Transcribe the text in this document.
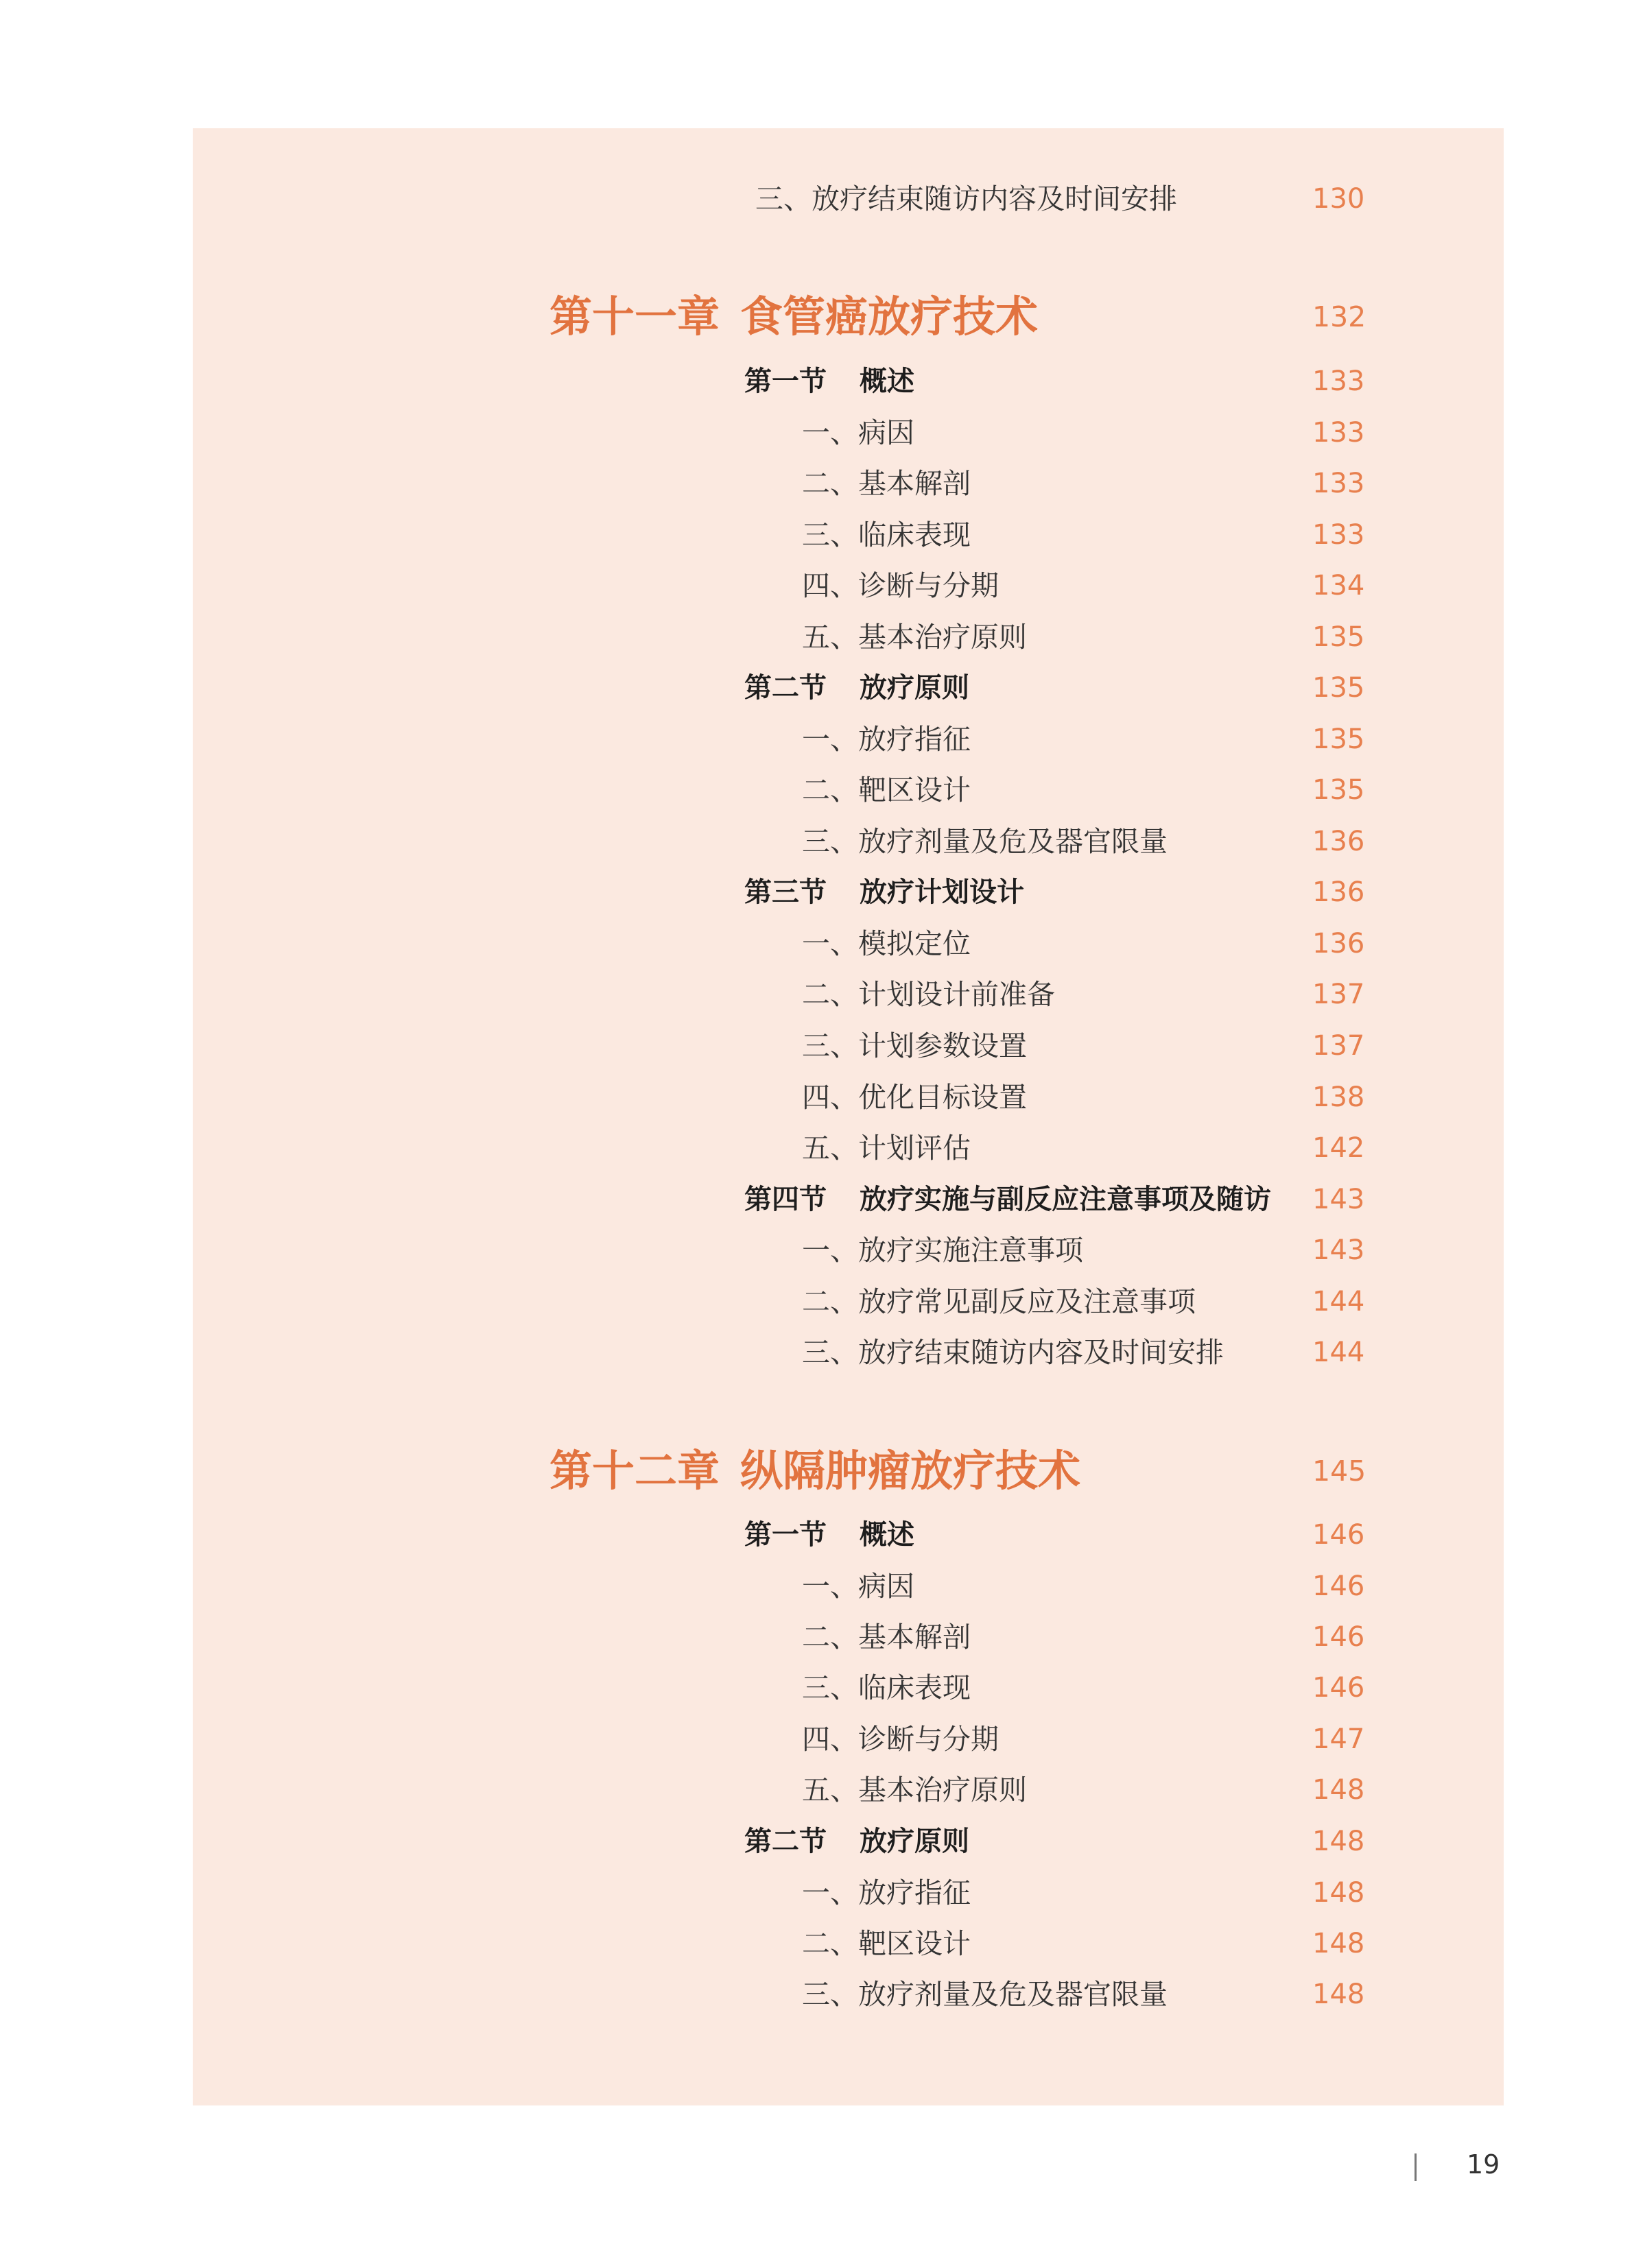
三、放疗结束随访内容及时间安排	130
第十一章 食管癌放疗技术	132
第一节 概述	133
一、病因	133
二、基本解剖	133
三、临床表现	133
四、诊断与分期	134
五、基本治疗原则	135
第二节 放疗原则	135
一、放疗指征	135
二、靶区设计	135
三、放疗剂量及危及器官限量	136
第三节 放疗计划设计	136
一、模拟定位	136
二、计划设计前准备	137
三、计划参数设置	137
四、优化目标设置	138
五、计划评估	142
第四节 放疗实施与副反应注意事项及随访 143
一、放疗实施注意事项	143
二、放疗常见副反应及注意事项	144
三、放疗结束随访内容及时间安排	144
第十二章 纵隔肿瘤放疗技术	145
第一节 概述	146
一、病因	146
二、基本解剖	146
三、临床表现	146
四、诊断与分期	147
五、基本治疗原则	148
第二节 放疗原则	148
一、放疗指征	148
二、靶区设计	148
三、放疗剂量及危及器官限量	148
19
